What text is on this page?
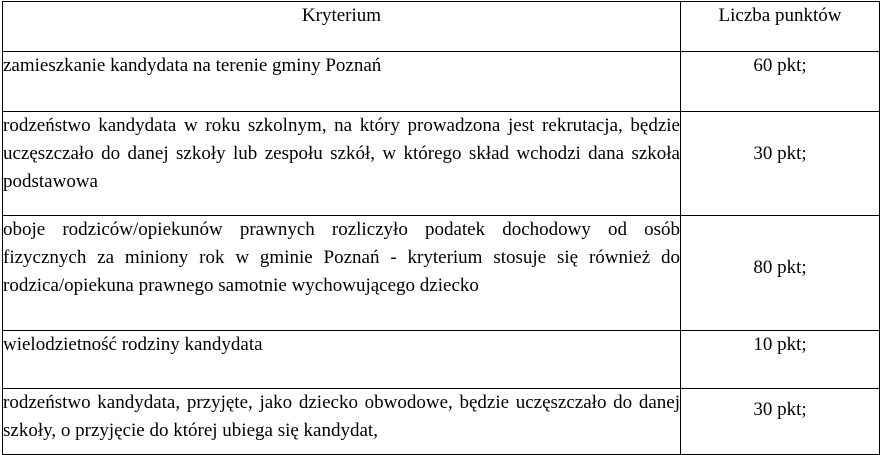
Kryterium	Liczba punktów
zamieszkanie kandydata na terenie gminy Poznań	60 pkt;
rodzeństwo kandydata w roku szkolnym, na który prowadzona jest rekrutacja, będzie uczęszczało do danej szkoły lub zespołu szkół, w którego skład wchodzi dana szkoła podstawowa	30 pkt;
oboje rodziców/opiekunów prawnych rozliczyło podatek dochodowy od osób fizycznych za miniony rok w gminie Poznań - kryterium stosuje się również do rodzica/opiekuna prawnego samotnie wychowującego dziecko	80 pkt;
wielodzietność rodziny kandydata	10 pkt;
rodzeństwo kandydata, przyjęte, jako dziecko obwodowe, będzie uczęszczało do danej szkoły, o przyjęcie do której ubiega się kandydat,	30 pkt;
